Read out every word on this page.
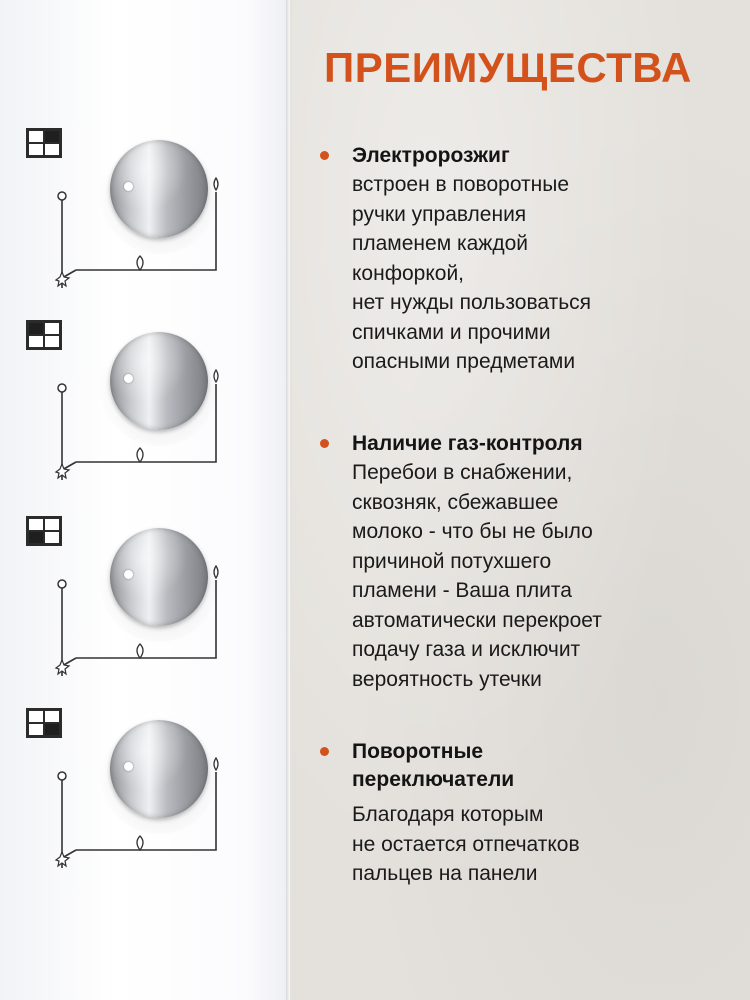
ПРЕИМУЩЕСТВА
Электророзжиг
встроен в поворотные
ручки управления
пламенем каждой
конфоркой,
нет нужды пользоваться
спичками и прочими
опасными предметами
Наличие газ-контроля
Перебои в снабжении,
сквозняк, сбежавшее
молоко - что бы не было
причиной потухшего
пламени - Ваша плита
автоматически перекроет
подачу газа и исключит
вероятность утечки
Поворотные
переключатели
Благодаря которым
не остается отпечатков
пальцев на панели
